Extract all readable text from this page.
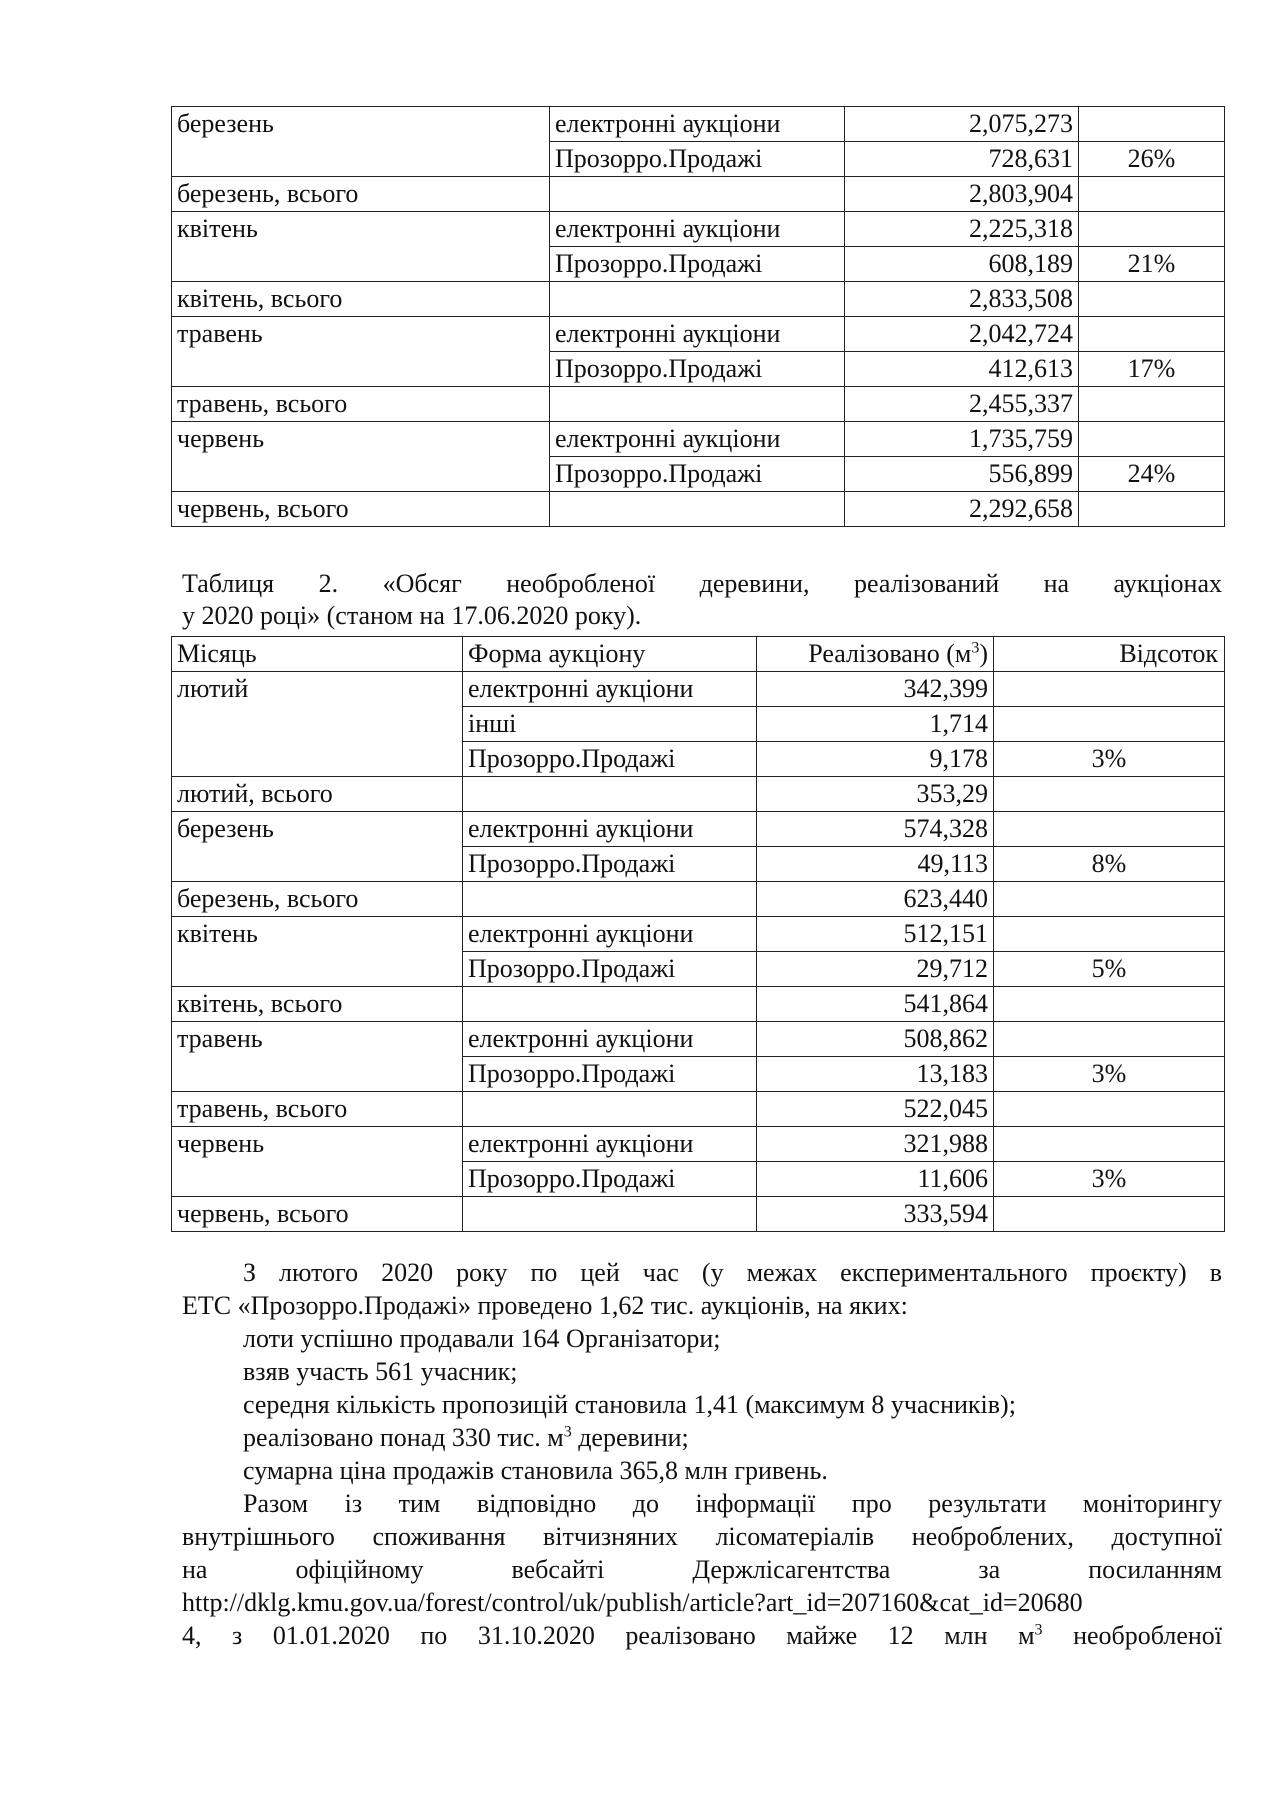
березень	електронні аукціони	2,075,273	
	Прозорро.Продажі	728,631	26%
березень, всього		2,803,904	
квітень	електронні аукціони	2,225,318	
	Прозорро.Продажі	608,189	21%
квітень, всього		2,833,508	
травень	електронні аукціони	2,042,724	
	Прозорро.Продажі	412,613	17%
травень, всього		2,455,337	
червень	електронні аукціони	1,735,759	
	Прозорро.Продажі	556,899	24%
червень, всього		2,292,658	
Таблиця 2. «Обсяг необробленої деревини, реалізований на аукціонах
у 2020 році» (станом на 17.06.2020 року).
Місяць	Форма аукціону	Реалізовано $(м^3)$	Відсоток
лютий	електронні аукціони	342,399	
	інші	1,714	
	Прозорро.Продажі	9,178	3%
лютий, всього		353,29	
березень	електронні аукціони	574,328	
	Прозорро.Продажі	49,113	8%
березень, всього		623,440	
квітень	електронні аукціони	512,151	
	Прозорро.Продажі	29,712	5%
квітень, всього		541,864	
травень	електронні аукціони	508,862	
	Прозорро.Продажі	13,183	3%
травень, всього		522,045	
червень	електронні аукціони	321,988	
	Прозорро.Продажі	11,606	3%
червень, всього		333,594	
З лютого 2020 року по цей час (у межах експериментального проєкту) в
ЕТС «Прозорро.Продажі» проведено 1,62 тис. аукціонів, на яких:
лоти успішно продавали 164 Організатори;
взяв участь 561 учасник;
середня кількість пропозицій становила 1,41 (максимум 8 учасників);
реалізовано понад 330 тис. $м^3$ деревини;
сумарна ціна продажів становила 365,8 млн гривень.
Разом із тим відповідно до інформації про результати моніторингу
внутрішнього споживання вітчизняних лісоматеріалів необроблених, доступної
на офіційному вебсайті Держлісагентства за посиланням
http://dklg.kmu.gov.ua/forest/control/uk/publish/article?art_id=207160&cat_id=20680
4, з 01.01.2020 по 31.10.2020 реалізовано майже 12 млн $м^3$ необробленої
